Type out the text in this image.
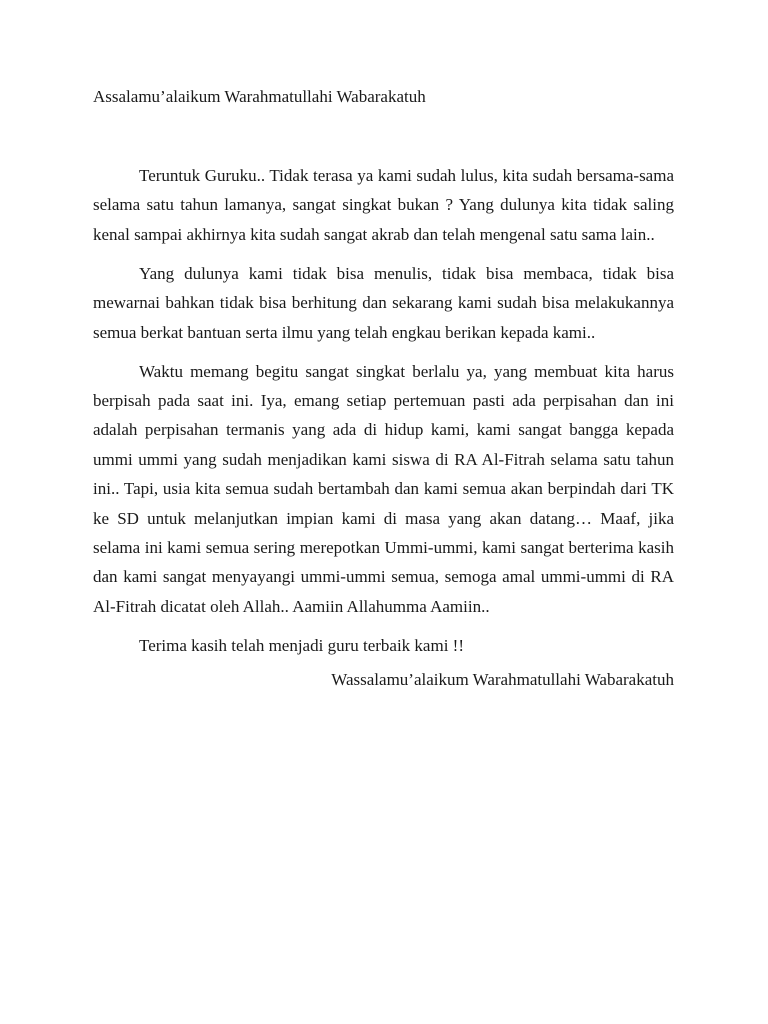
Assalamu’alaikum Warahmatullahi Wabarakatuh

Teruntuk Guruku.. Tidak terasa ya kami sudah lulus, kita sudah bersama-sama selama satu tahun lamanya, sangat singkat bukan ? Yang dulunya kita tidak saling kenal sampai akhirnya kita sudah sangat akrab dan telah mengenal satu sama lain..

Yang dulunya kami tidak bisa menulis, tidak bisa membaca, tidak bisa mewarnai bahkan tidak bisa berhitung dan sekarang kami sudah bisa melakukannya semua berkat bantuan serta ilmu yang telah engkau berikan kepada kami..

Waktu memang begitu sangat singkat berlalu ya, yang membuat kita harus berpisah pada saat ini. Iya, emang setiap pertemuan pasti ada perpisahan dan ini adalah perpisahan termanis yang ada di hidup kami, kami sangat bangga kepada ummi ummi yang sudah menjadikan kami siswa di RA Al-Fitrah selama satu tahun ini.. Tapi, usia kita semua sudah bertambah dan kami semua akan berpindah dari TK ke SD untuk melanjutkan impian kami di masa yang akan datang… Maaf, jika selama ini kami semua sering merepotkan Ummi-ummi, kami sangat berterima kasih dan kami sangat menyayangi ummi-ummi semua, semoga amal ummi-ummi di RA Al-Fitrah dicatat oleh Allah.. Aamiin Allahumma Aamiin..

Terima kasih telah menjadi guru terbaik kami !!

Wassalamu’alaikum Warahmatullahi Wabarakatuh
